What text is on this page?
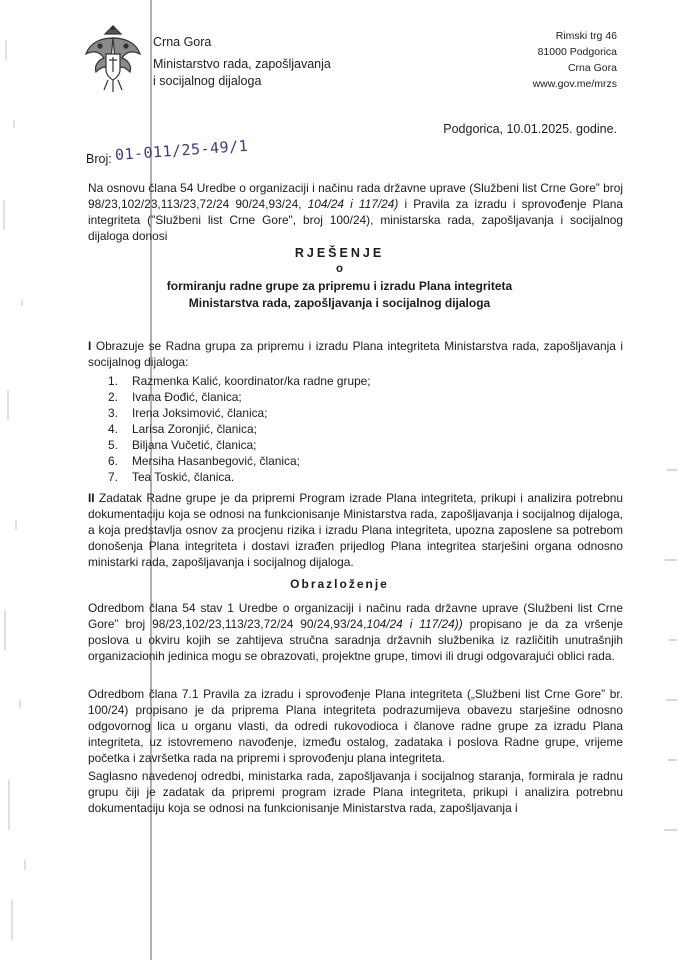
Crna Gora
Ministarstvo rada, zapošljavanja
i socijalnog dijaloga
Rimski trg 46
81000 Podgorica
Crna Gora
www.gov.me/mrzs
Podgorica, 10.01.2025. godine.
Broj: 01-011/25-49/1

Na osnovu člana 54 Uredbe o organizaciji i načinu rada državne uprave (Službeni list Crne Gore” broj 98/23,102/23,113/23,72/24 90/24,93/24, 104/24 i 117/24) i Pravila za izradu i sprovođenje Plana integriteta ("Službeni list Crne Gore", broj 100/24), ministarska rada, zapošljavanja i socijalnog dijaloga donosi

RJEŠENJE
o
formiranju radne grupe za pripremu i izradu Plana integriteta
Ministarstva rada, zapošljavanja i socijalnog dijaloga

I Obrazuje se Radna grupa za pripremu i izradu Plana integriteta Ministarstva rada, zapošljavanja i socijalnog dijaloga:

1. Razmenka Kalić, koordinator/ka radne grupe;
2. Ivana Đođić, članica;
3. Irena Joksimović, članica;
4. Larisa Zoronjić, članica;
5. Biljana Vučetić, članica;
6. Mersiha Hasanbegović, članica;
7. Tea Toskić, članica.

II Zadatak Radne grupe je da pripremi Program izrade Plana integriteta, prikupi i analizira potrebnu dokumentaciju koja se odnosi na funkcionisanje Ministarstva rada, zapošljavanja i socijalnog dijaloga, a koja predstavlja osnov za procjenu rizika i izradu Plana integriteta, upozna zaposlene sa potrebom donošenja Plana integriteta i dostavi izrađen prijedlog Plana integritea starješini organa odnosno ministarki rada, zapošljavanja i socijalnog dijaloga.

Obrazloženje

Odredbom člana 54 stav 1 Uredbe o organizaciji i načinu rada državne uprave (Službeni list Crne Gore” broj 98/23,102/23,113/23,72/24 90/24,93/24,104/24 i 117/24)) propisano je da za vršenje poslova u okviru kojih se zahtijeva stručna saradnja državnih službenika iz različitih unutrašnjih organizacionih jedinica mogu se obrazovati, projektne grupe, timovi ili drugi odgovarajući oblici rada.

Odredbom člana 7.1 Pravila za izradu i sprovođenje Plana integriteta („Službeni list Crne Gore” br. 100/24) propisano je da priprema Plana integriteta podrazumijeva obavezu starješine odnosno odgovornog lica u organu vlasti, da odredi rukovodioca i članove radne grupe za izradu Plana integriteta, uz istovremeno navođenje, između ostalog, zadataka i poslova Radne grupe, vrijeme početka i završetka rada na pripremi i sprovođenju plana integriteta.

Saglasno navedenoj odredbi, ministarka rada, zapošljavanja i socijalnog staranja, formirala je radnu grupu čiji je zadatak da pripremi program izrade Plana integriteta, prikupi i analizira potrebnu dokumentaciju koja se odnosi na funkcionisanje Ministarstva rada, zapošljavanja i
